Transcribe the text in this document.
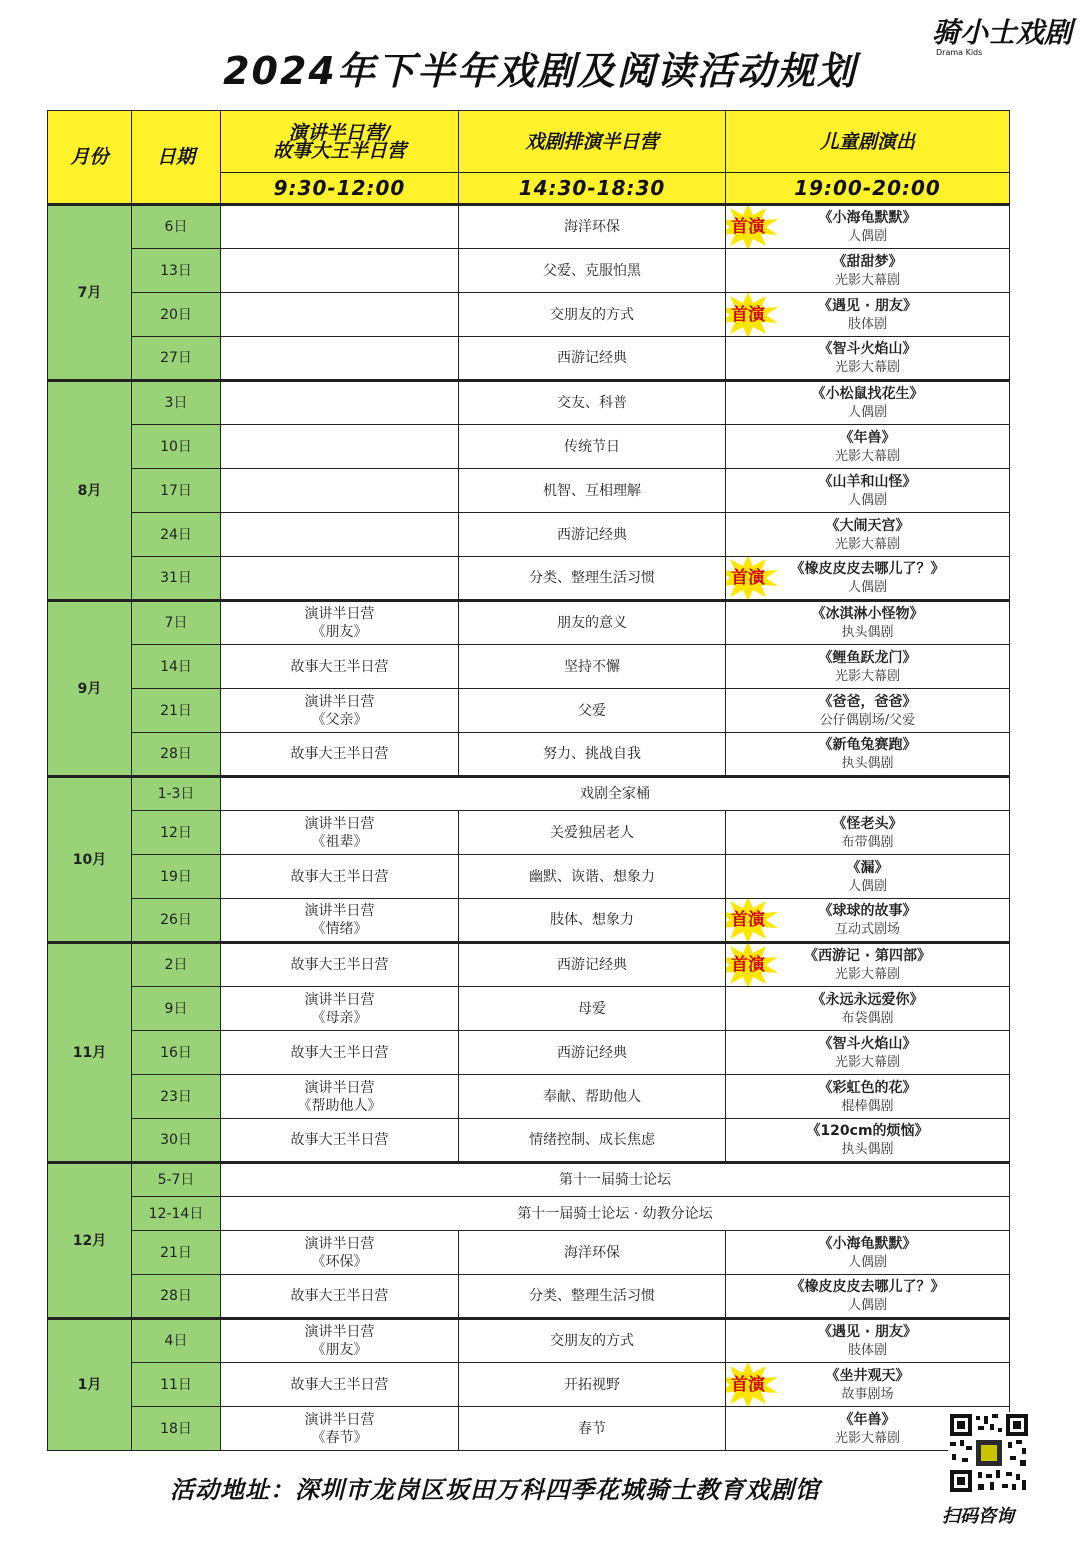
2024年下半年戏剧及阅读活动规划
骑小士戏剧
Drama Kids
月份	日期	演讲半日营/
故事大王半日营	戏剧排演半日营	儿童剧演出
		9:30-12:00	14:30-18:30	19:00-20:00
7月	6日		海洋环保	首演 《小海龟默默》
人偶剧

	13日		父爱、克服怕黑	《甜甜梦》
光影大幕剧

	20日		交朋友的方式	首演 《遇见 · 朋友》
肢体剧

	27日		西游记经典	《智斗火焰山》
光影大幕剧

8月	3日		交友、科普	《小松鼠找花生》
人偶剧

	10日		传统节日	《年兽》
光影大幕剧

	17日		机智、互相理解	《山羊和山怪》
人偶剧

	24日		西游记经典	《大闹天宫》
光影大幕剧

	31日		分类、整理生活习惯	首演 《橡皮皮皮去哪儿了？》
人偶剧

9月	7日	演讲半日营
《朋友》	朋友的意义	《冰淇淋小怪物》
执头偶剧

	14日	故事大王半日营	坚持不懈	《鲤鱼跃龙门》
光影大幕剧

	21日	演讲半日营
《父亲》	父爱	《爸爸，爸爸》
公仔偶剧场/父爱

	28日	故事大王半日营	努力、挑战自我	《新龟兔赛跑》
执头偶剧

10月	1-3日	戏剧全家桶		
	12日	演讲半日营
《祖辈》	关爱独居老人	《怪老头》
布带偶剧

	19日	故事大王半日营	幽默、诙谐、想象力	《漏》
人偶剧

	26日	演讲半日营
《情绪》	肢体、想象力	首演 《球球的故事》
互动式剧场

11月	2日	故事大王半日营	西游记经典	首演 《西游记 · 第四部》
光影大幕剧

	9日	演讲半日营
《母亲》	母爱	《永远永远爱你》
布袋偶剧

	16日	故事大王半日营	西游记经典	《智斗火焰山》
光影大幕剧

	23日	演讲半日营
《帮助他人》	奉献、帮助他人	《彩虹色的花》
棍棒偶剧

	30日	故事大王半日营	情绪控制、成长焦虑	《120cm的烦恼》
执头偶剧

12月	5-7日	第十一届骑士论坛		
	12-14日	第十一届骑士论坛 · 幼教分论坛		
	21日	演讲半日营
《环保》	海洋环保	《小海龟默默》
人偶剧

	28日	故事大王半日营	分类、整理生活习惯	《橡皮皮皮去哪儿了？》
人偶剧

1月	4日	演讲半日营
《朋友》	交朋友的方式	《遇见 · 朋友》
肢体剧

	11日	故事大王半日营	开拓视野	首演 《坐井观天》
故事剧场

	18日	演讲半日营
《春节》	春节	《年兽》
光影大幕剧
活动地址：深圳市龙岗区坂田万科四季花城骑士教育戏剧馆
扫码咨询
